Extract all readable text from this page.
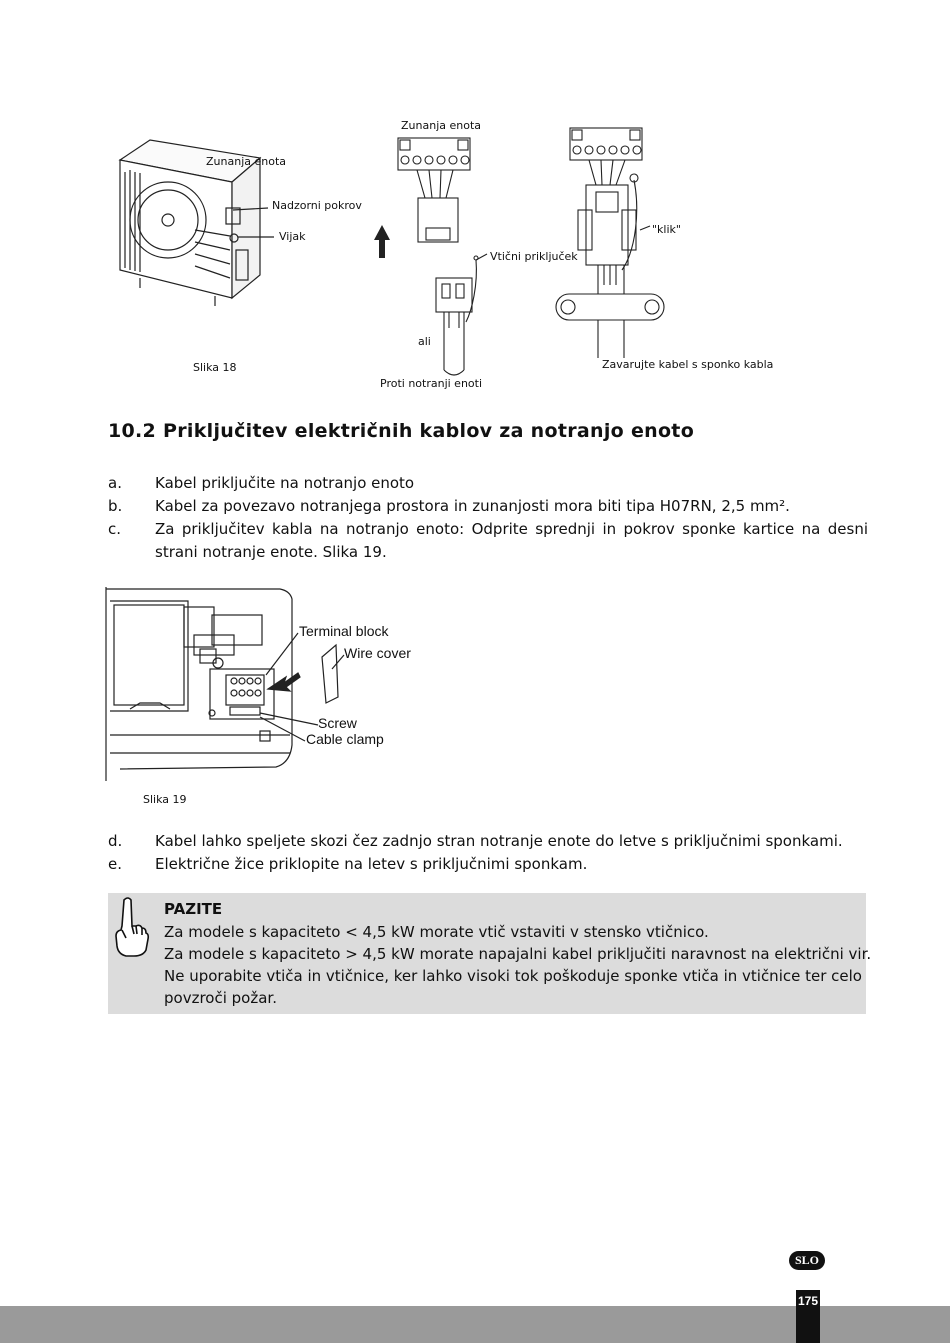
Zunanja enota
Nadzorni pokrov
Vijak
Slika 18
Zunanja enota
Vtični priključek
ali
Proti notranji enoti
"klik"
Zavarujte kabel s sponko kabla
10.2 Priključitev električnih kablov za notranjo enoto
a.	Kabel priključite na notranjo enoto
b.	Kabel za povezavo notranjega prostora in zunanjosti mora biti tipa H07RN, 2,5 mm².
c.	Za priključitev kabla na notranjo enoto: Odprite sprednji in pokrov sponke kartice na desni strani notranje enote. Slika 19.
Terminal block
Wire cover
Screw
Cable clamp
Slika 19
d.	Kabel lahko speljete skozi čez zadnjo stran notranje enote do letve s priključnimi sponkami.
e.	Električne žice priklopite na letev s priključnimi sponkam.
PAZITE
Za modele s kapaciteto < 4,5 kW morate vtič vstaviti v stensko vtičnico.
Za modele s kapaciteto > 4,5 kW morate napajalni kabel priključiti naravnost na električni vir.
Ne uporabite vtiča in vtičnice, ker lahko visoki tok poškoduje sponke vtiča in vtičnice ter celo
povzroči požar.
SLO
175
